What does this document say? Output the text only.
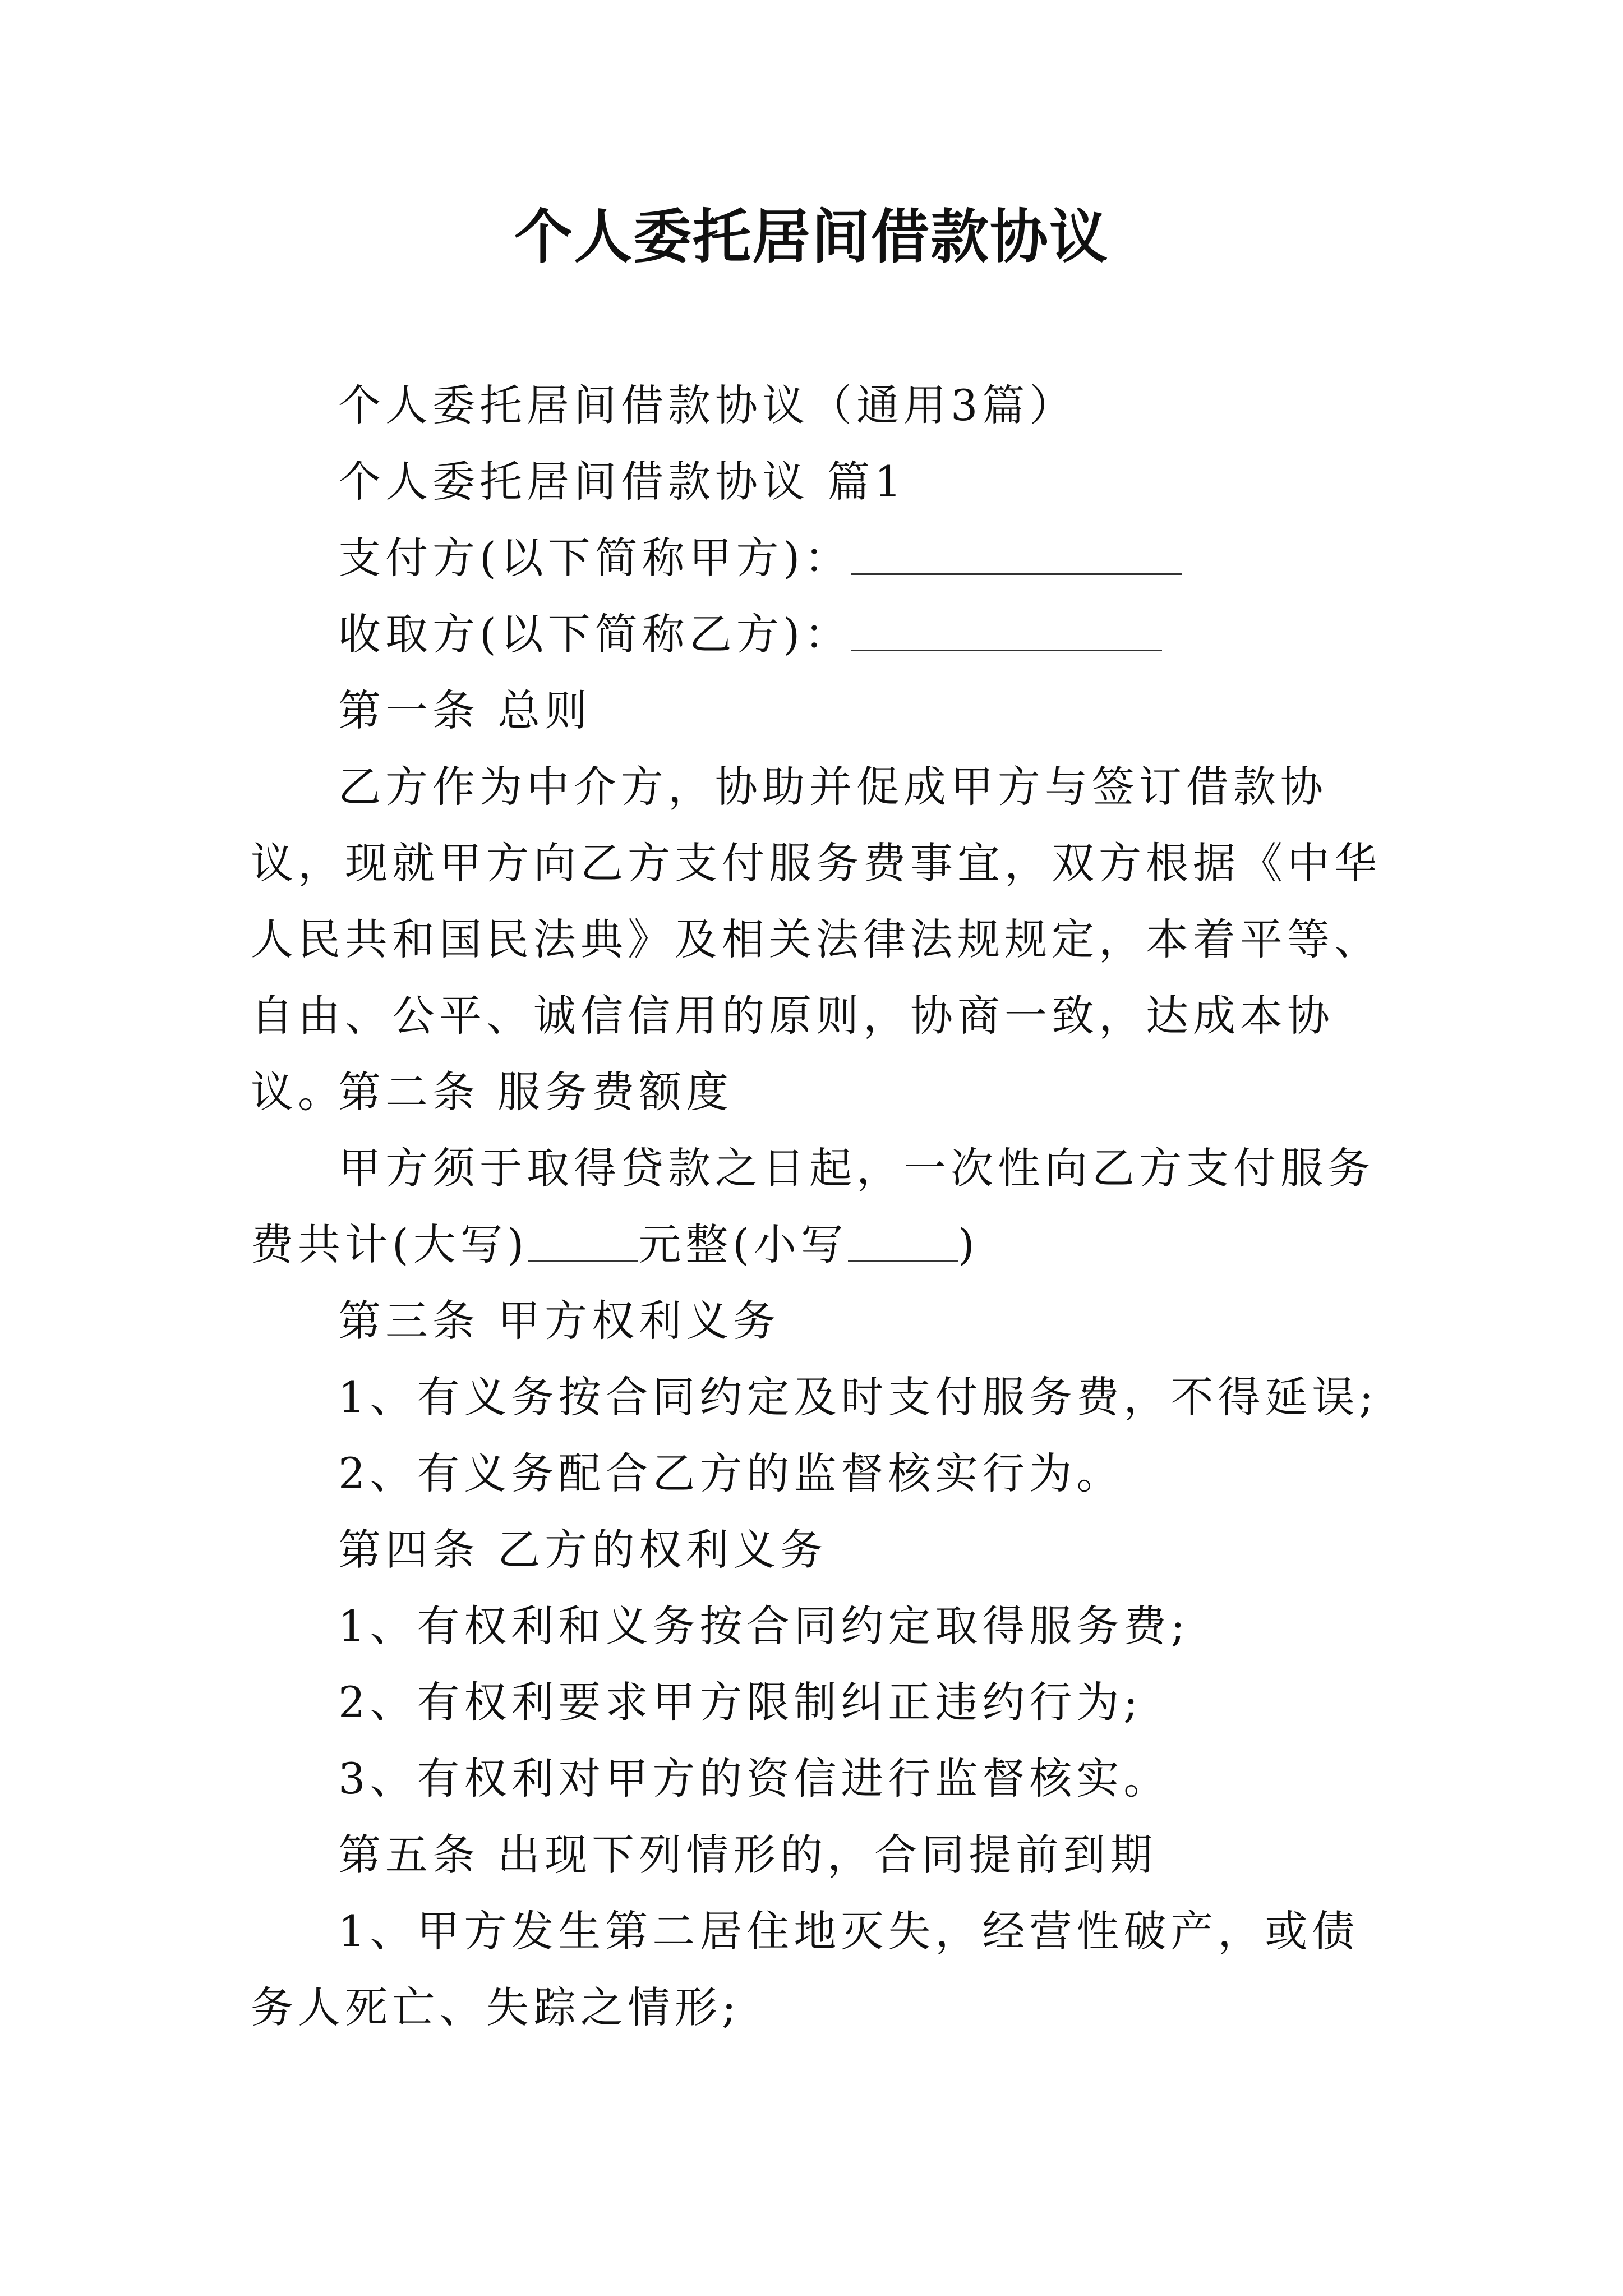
个人委托居间借款协议

个人委托居间借款协议（通用3篇）

个人委托居间借款协议 篇1

支付方(以下简称甲方)：

收取方(以下简称乙方)：

第一条 总则

乙方作为中介方，协助并促成甲方与签订借款协议，现就甲方向乙方支付服务费事宜，双方根据《中华人民共和国民法典》及相关法律法规规定，本着平等、自由、公平、诚信信用的原则，协商一致，达成本协议。

第二条 服务费额度

甲方须于取得贷款之日起，一次性向乙方支付服务费共计(大写)	元整(小写	)

第三条 甲方权利义务

1、有义务按合同约定及时支付服务费，不得延误;

2、有义务配合乙方的监督核实行为。

第四条 乙方的权利义务

1、有权利和义务按合同约定取得服务费;

2、有权利要求甲方限制纠正违约行为;

3、有权利对甲方的资信进行监督核实。

第五条 出现下列情形的，合同提前到期

1、甲方发生第二居住地灭失，经营性破产，或债务人死亡、失踪之情形;
